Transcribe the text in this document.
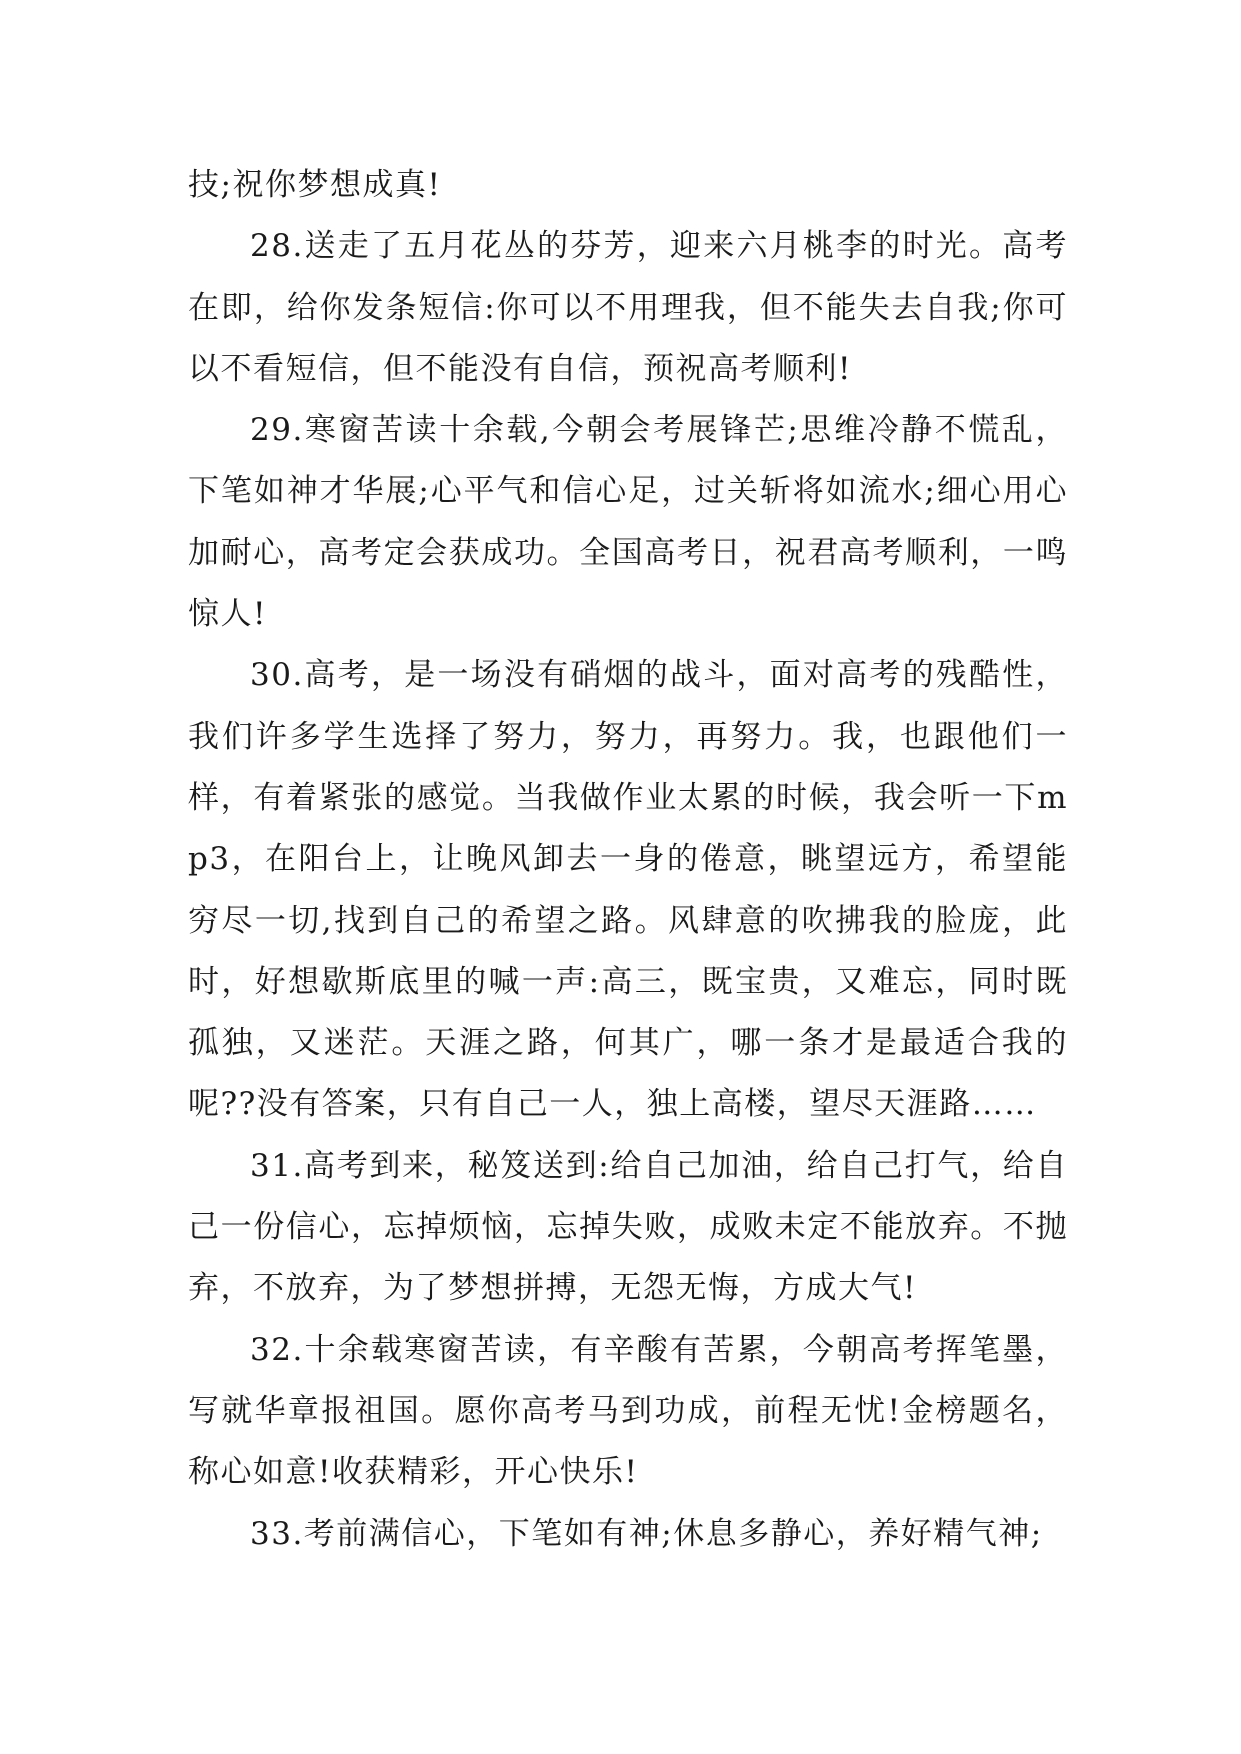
技;祝你梦想成真!

28.送走了五月花丛的芬芳，迎来六月桃李的时光。高考在即，给你发条短信:你可以不用理我，但不能失去自我;你可以不看短信，但不能没有自信，预祝高考顺利!

29.寒窗苦读十余载,今朝会考展锋芒;思维冷静不慌乱，下笔如神才华展;心平气和信心足，过关斩将如流水;细心用心加耐心，高考定会获成功。全国高考日，祝君高考顺利，一鸣惊人!

30.高考，是一场没有硝烟的战斗，面对高考的残酷性，我们许多学生选择了努力，努力，再努力。我，也跟他们一样，有着紧张的感觉。当我做作业太累的时候，我会听一下mp3，在阳台上，让晚风卸去一身的倦意，眺望远方，希望能穷尽一切,找到自己的希望之路。风肆意的吹拂我的脸庞，此时，好想歇斯底里的喊一声:高三，既宝贵，又难忘，同时既孤独，又迷茫。天涯之路，何其广，哪一条才是最适合我的呢??没有答案，只有自己一人，独上高楼，望尽天涯路……

31.高考到来，秘笈送到:给自己加油，给自己打气，给自己一份信心，忘掉烦恼，忘掉失败，成败未定不能放弃。不抛弃，不放弃，为了梦想拼搏，无怨无悔，方成大气!

32.十余载寒窗苦读，有辛酸有苦累，今朝高考挥笔墨，写就华章报祖国。愿你高考马到功成，前程无忧!金榜题名，称心如意!收获精彩，开心快乐!

33.考前满信心，下笔如有神;休息多静心，养好精气神;
